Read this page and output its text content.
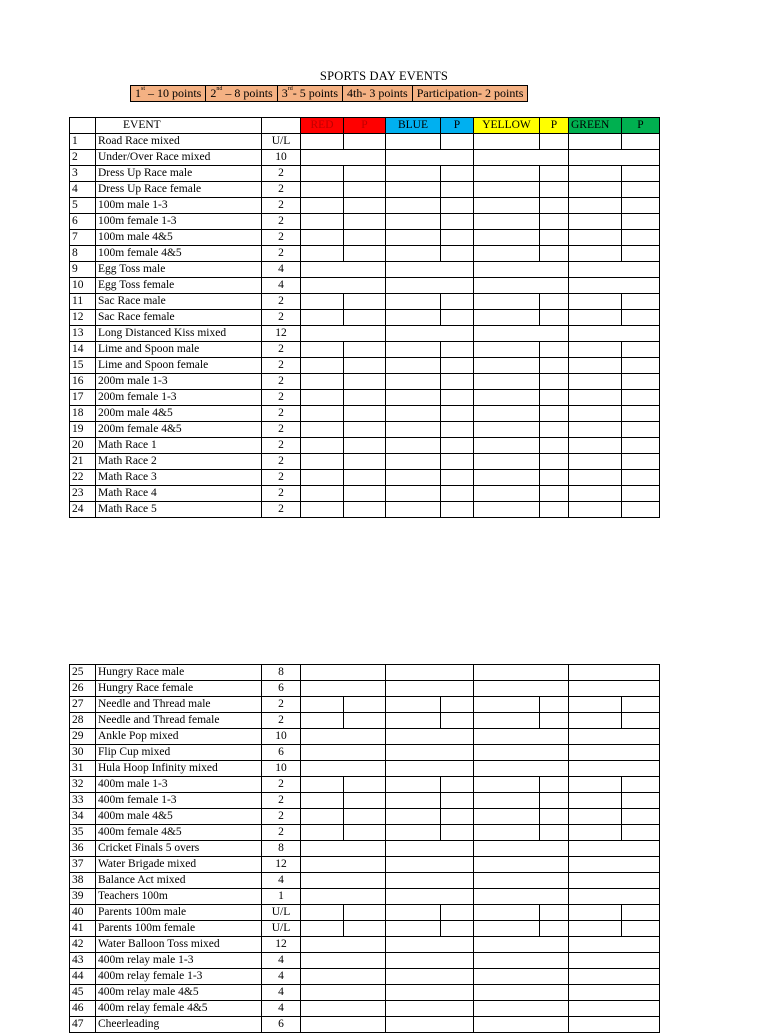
SPORTS DAY EVENTS
1st – 10 points	2nd – 8 points	3rd- 5 points	4th- 3 points	Participation- 2 points
	EVENT		RED	P	BLUE	P	YELLOW	P	GREEN	P
1	Road Race mixed	U/L								
2	Under/Over Race mixed	10								
3	Dress Up Race male	2								
4	Dress Up Race female	2								
5	100m male 1-3	2								
6	100m female 1-3	2								
7	100m male 4&5	2								
8	100m female 4&5	2								
9	Egg Toss male	4								
10	Egg Toss female	4								
11	Sac Race male	2								
12	Sac Race female	2								
13	Long Distanced Kiss mixed	12								
14	Lime and Spoon male	2								
15	Lime and Spoon female	2								
16	200m male 1-3	2								
17	200m female 1-3	2								
18	200m male 4&5	2								
19	200m female 4&5	2								
20	Math Race 1	2								
21	Math Race 2	2								
22	Math Race 3	2								
23	Math Race 4	2								
24	Math Race 5	2								
25	Hungry Race male	8								
26	Hungry Race female	6								
27	Needle and Thread male	2								
28	Needle and Thread female	2								
29	Ankle Pop mixed	10								
30	Flip Cup mixed	6								
31	Hula Hoop Infinity mixed	10								
32	400m male 1-3	2								
33	400m female 1-3	2								
34	400m male 4&5	2								
35	400m female 4&5	2								
36	Cricket Finals 5 overs	8								
37	Water Brigade mixed	12								
38	Balance Act mixed	4								
39	Teachers 100m	1								
40	Parents 100m male	U/L								
41	Parents 100m female	U/L								
42	Water Balloon Toss mixed	12								
43	400m relay male 1-3	4								
44	400m relay female 1-3	4								
45	400m relay male 4&5	4								
46	400m relay female 4&5	4								
47	Cheerleading	6								
